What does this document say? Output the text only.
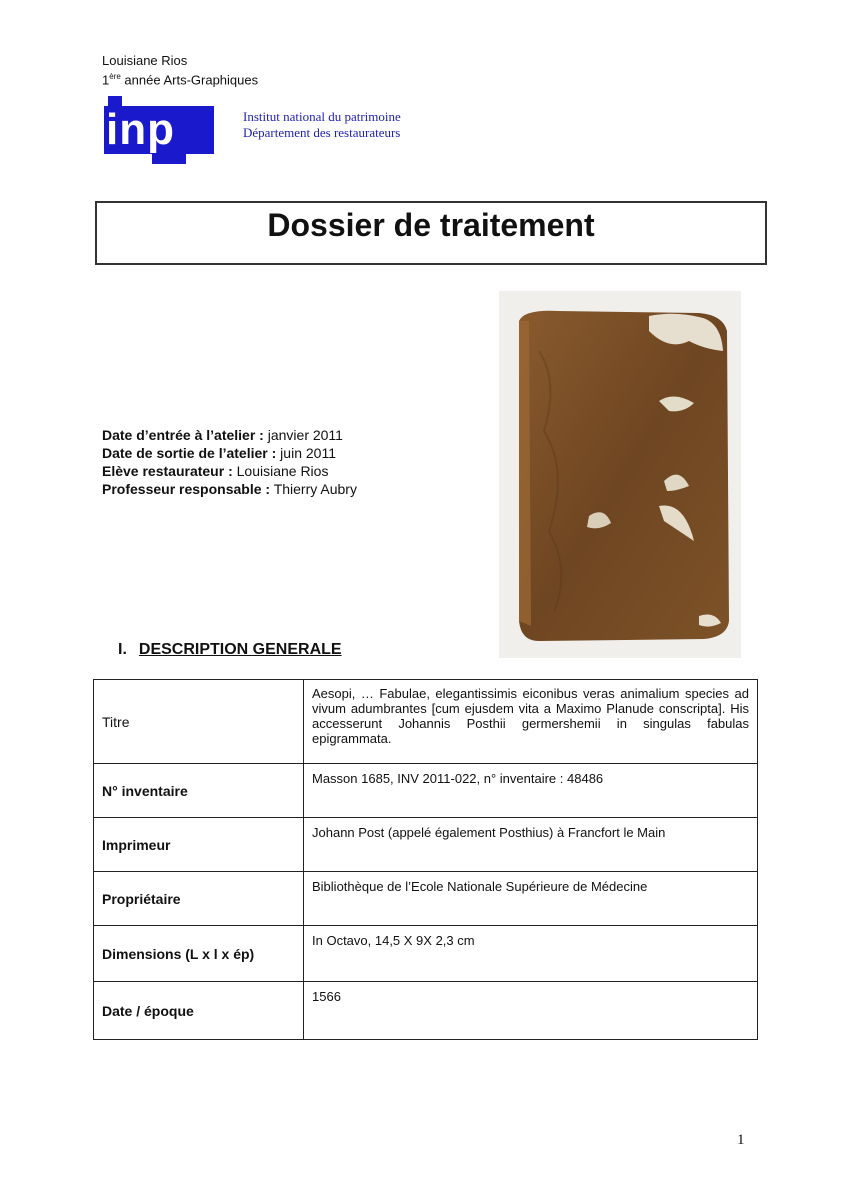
Louisiane Rios
1ère année Arts-Graphiques
inp	Institut national du patrimoine
Département des restaurateurs
Dossier de traitement
Date d’entrée à l’atelier : janvier 2011
Date de sortie de l’atelier : juin 2011
Elève restaurateur : Louisiane Rios
Professeur responsable : Thierry Aubry
I. DESCRIPTION GENERALE
Titre	Aesopi, … Fabulae, elegantissimis eiconibus veras animalium species ad vivum adumbrantes [cum ejusdem vita a Maximo Planude conscripta]. His accesserunt Johannis Posthii germershemii in singulas fabulas epigrammata.
N° inventaire	Masson 1685, INV 2011-022, n° inventaire : 48486
Imprimeur	Johann Post (appelé également Posthius) à Francfort le Main
Propriétaire	Bibliothèque de l’Ecole Nationale Supérieure de Médecine
Dimensions (L x l x ép)	In Octavo, 14,5 X 9X 2,3 cm
Date / époque	1566
1
